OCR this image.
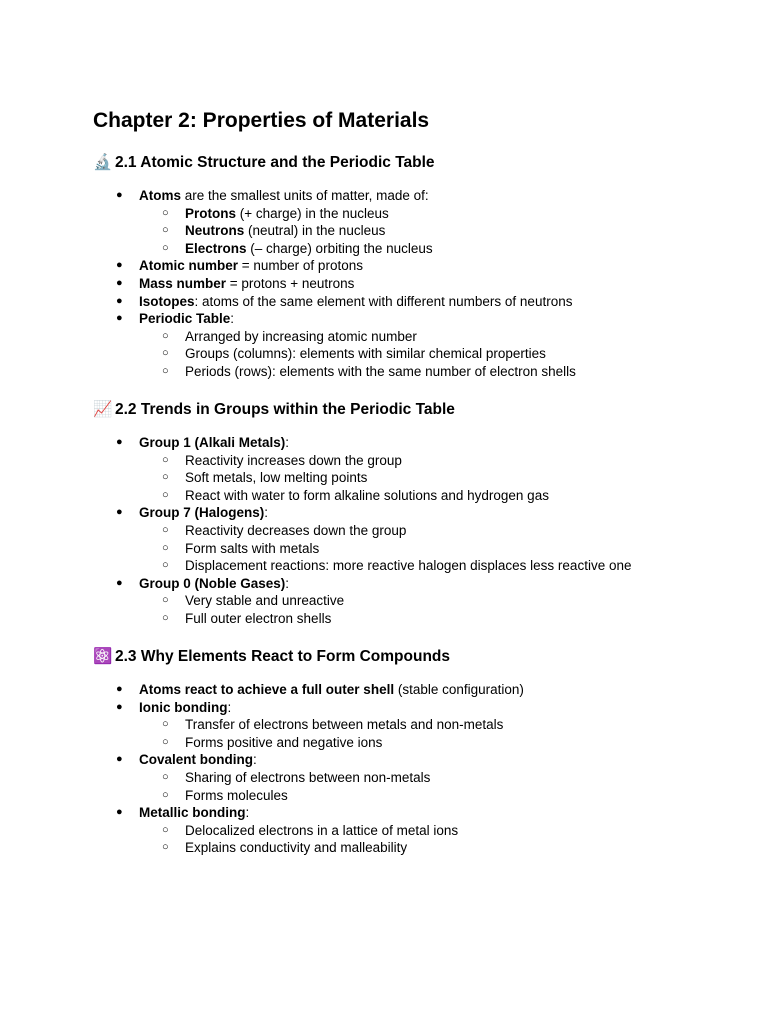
Chapter 2: Properties of Materials
🔬 2.1 Atomic Structure and the Periodic Table
● Atoms are the smallest units of matter, made of:
○ Protons (+ charge) in the nucleus
○ Neutrons (neutral) in the nucleus
○ Electrons (– charge) orbiting the nucleus
● Atomic number = number of protons
● Mass number = protons + neutrons
● Isotopes: atoms of the same element with different numbers of neutrons
● Periodic Table:
○ Arranged by increasing atomic number
○ Groups (columns): elements with similar chemical properties
○ Periods (rows): elements with the same number of electron shells
📈 2.2 Trends in Groups within the Periodic Table
● Group 1 (Alkali Metals):
○ Reactivity increases down the group
○ Soft metals, low melting points
○ React with water to form alkaline solutions and hydrogen gas
● Group 7 (Halogens):
○ Reactivity decreases down the group
○ Form salts with metals
○ Displacement reactions: more reactive halogen displaces less reactive one
● Group 0 (Noble Gases):
○ Very stable and unreactive
○ Full outer electron shells
⚛️ 2.3 Why Elements React to Form Compounds
● Atoms react to achieve a full outer shell (stable configuration)
● Ionic bonding:
○ Transfer of electrons between metals and non-metals
○ Forms positive and negative ions
● Covalent bonding:
○ Sharing of electrons between non-metals
○ Forms molecules
● Metallic bonding:
○ Delocalized electrons in a lattice of metal ions
○ Explains conductivity and malleability
